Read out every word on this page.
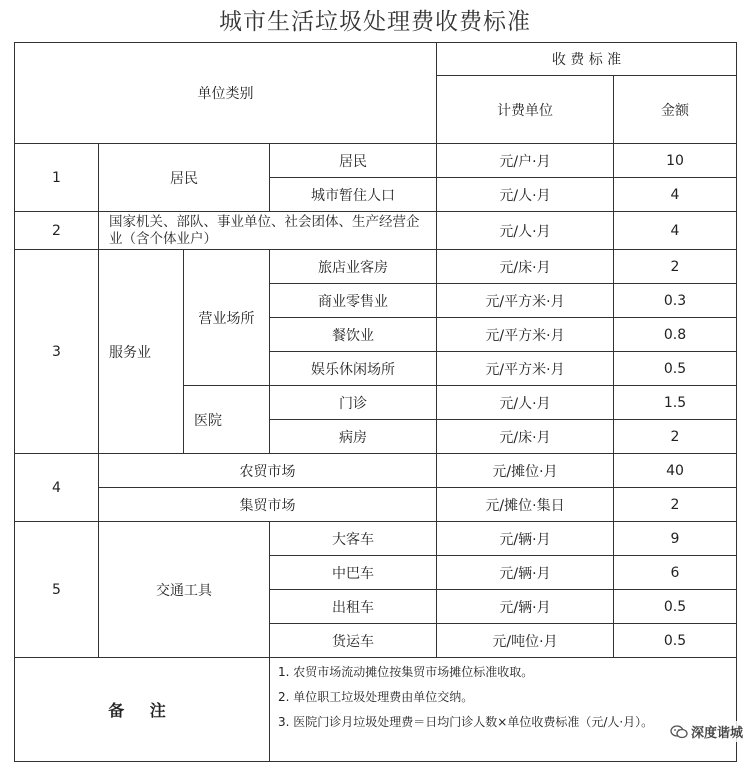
城市生活垃圾处理费收费标准
单位类别				收 费 标 准	
				计费单位	金额
1	居民		居民	元/户·月	10
			城市暂住人口	元/人·月	4
2	国家机关、部队、事业单位、社会团体、生产经营企业（含个体业户）			元/人·月	4
3	服务业	营业场所	旅店业客房	元/床·月	2
			商业零售业	元/平方米·月	0.3
			餐饮业	元/平方米·月	0.8
			娱乐休闲场所	元/平方米·月	0.5
		医院	门诊	元/人·月	1.5
			病房	元/床·月	2
4	农贸市场			元/摊位·月	40
	集贸市场			元/摊位·集日	2
5	交通工具		大客车	元/辆·月	9
			中巴车	元/辆·月	6
			出租车	元/辆·月	0.5
			货运车	元/吨位·月	0.5
备 注			1. 农贸市场流动摊位按集贸市场摊位标准收取。

2. 单位职工垃圾处理费由单位交纳。

3. 医院门诊月垃圾处理费＝日均门诊人数×单位收费标准（元/人·月）。		

深度谐城
